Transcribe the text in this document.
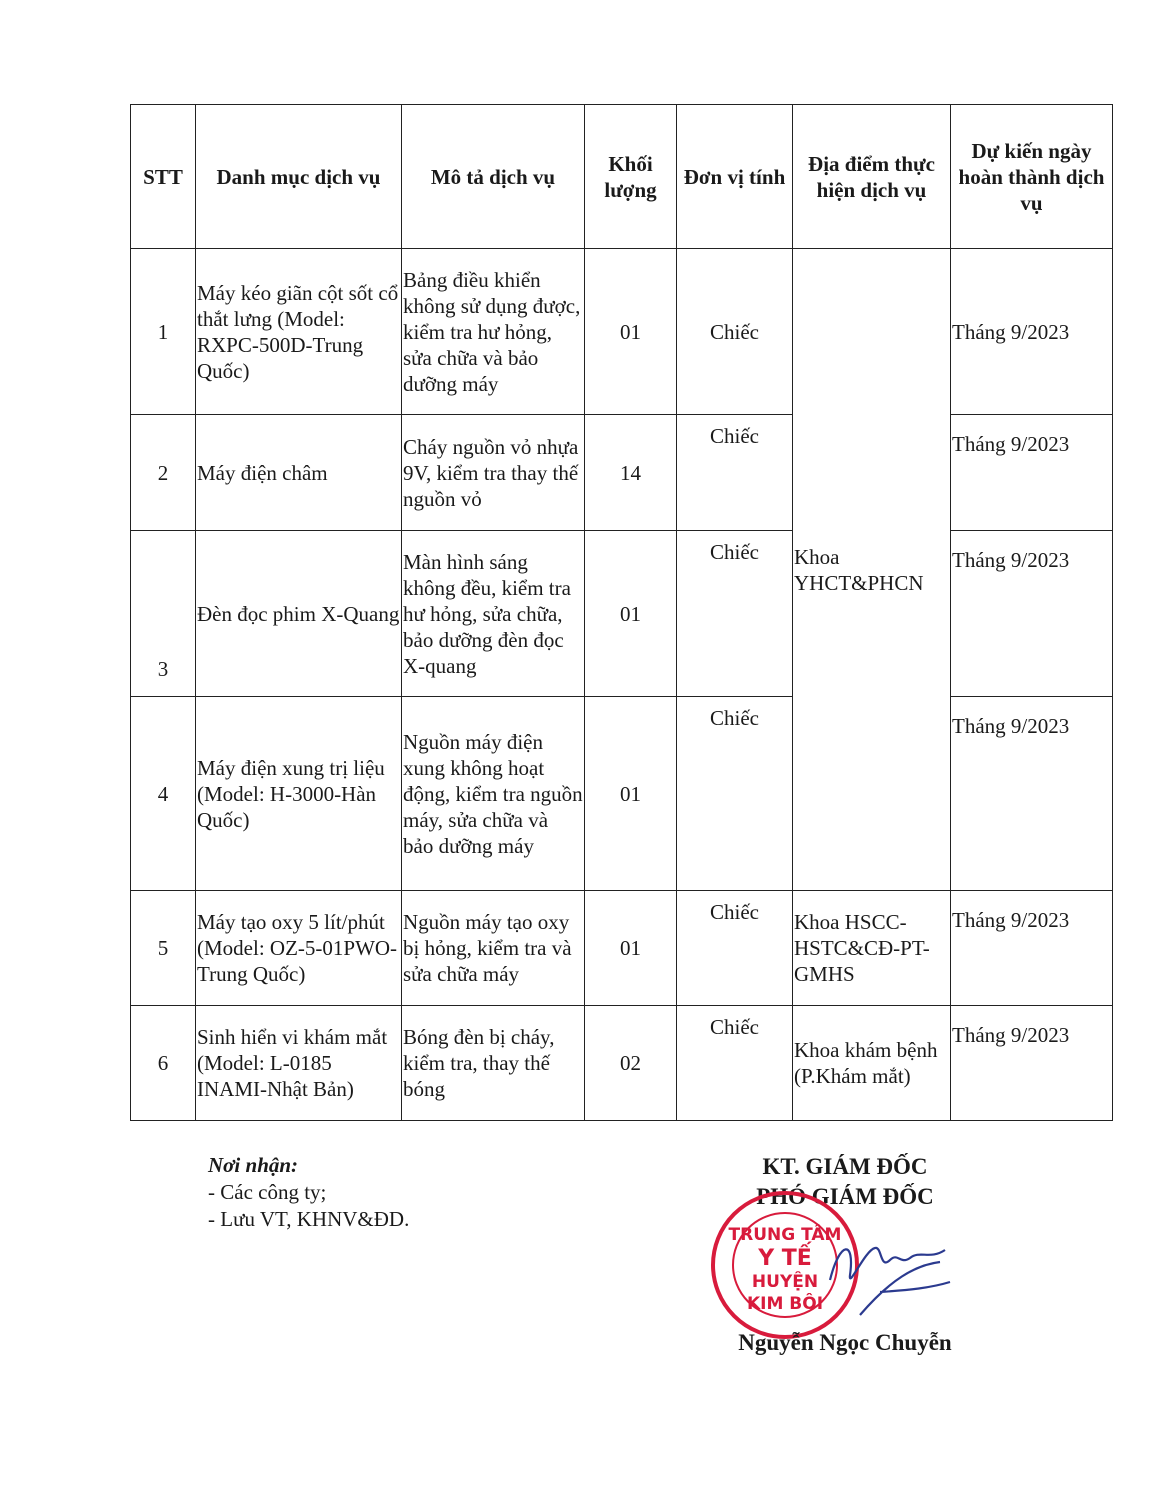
STT	Danh mục dịch vụ	Mô tả dịch vụ	Khối lượng	Đơn vị tính	Địa điểm thực hiện dịch vụ	Dự kiến ngày hoàn thành dịch vụ
1	Máy kéo giãn cột sốt cổ thắt lưng (Model: RXPC-500D-Trung Quốc)	Bảng điều khiển không sử dụng được, kiểm tra hư hỏng, sửa chữa và bảo dưỡng máy	01	Chiếc	Khoa YHCT&PHCN	Tháng 9/2023
2	Máy điện châm	Cháy nguồn vỏ nhựa 9V, kiểm tra thay thế nguồn vỏ	14	Chiếc		Tháng 9/2023
3	Đèn đọc phim X-Quang	Màn hình sáng không đều, kiểm tra hư hỏng, sửa chữa, bảo dưỡng đèn đọc X-quang	01	Chiếc		Tháng 9/2023
4	Máy điện xung trị liệu (Model: H-3000-Hàn Quốc)	Nguồn máy điện xung không hoạt động, kiểm tra nguồn máy, sửa chữa và bảo dưỡng máy	01	Chiếc		Tháng 9/2023
5	Máy tạo oxy 5 lít/phút (Model: OZ-5-01PWO-Trung Quốc)	Nguồn máy tạo oxy bị hỏng, kiểm tra và sửa chữa máy	01	Chiếc	Khoa HSCC-HSTC&CĐ-PT-GMHS	Tháng 9/2023
6	Sinh hiển vi khám mắt (Model: L-0185 INAMI-Nhật Bản)	Bóng đèn bị cháy, kiểm tra, thay thế bóng	02	Chiếc	Khoa khám bệnh (P.Khám mắt)	Tháng 9/2023
Nơi nhận:
- Các công ty;
- Lưu VT, KHNV&ĐD.
KT. GIÁM ĐỐC
PHÓ GIÁM ĐỐC
TRUNG TÂM
Y TẾ
HUYỆN
KIM BÔI
Nguyễn Ngọc Chuyễn
